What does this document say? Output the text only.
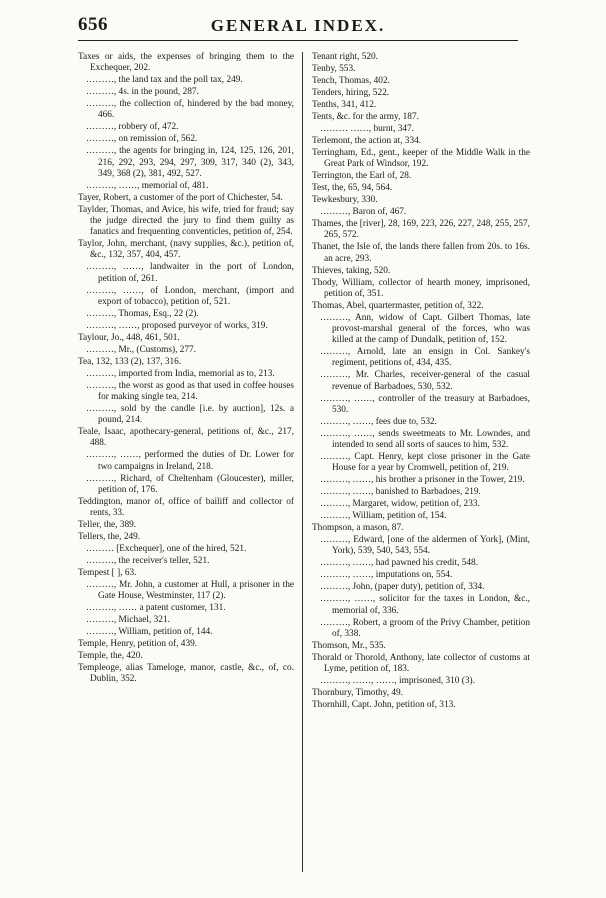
656	GENERAL INDEX.

Taxes or aids, the expenses of bringing them to the Exchequer, 202.

………, the land tax and the poll tax, 249.

………, 4s. in the pound, 287.

………, the collection of, hindered by the bad money, 466.

………, robbery of, 472.

………, on remission of, 562.

………, the agents for bringing in, 124, 125, 126, 201, 216, 292, 293, 294, 297, 309, 317, 340 (2), 343, 349, 368 (2), 381, 492, 527.

………, ……, memorial of, 481.

Tayer, Robert, a customer of the port of Chichester, 54.

Taylder, Thomas, and Avice, his wife, tried for fraud; say the judge directed the jury to find them guilty as fanatics and frequenting conventicles, petition of, 254.

Taylor, John, merchant, (navy supplies, &c.), petition of, &c., 132, 357, 404, 457.

………, ……, landwaiter in the port of London, petition of, 261.

………, ……, of London, merchant, (import and export of tobacco), petition of, 521.

………, Thomas, Esq., 22 (2).

………, ……, proposed purveyor of works, 319.

Taylour, Jo., 448, 461, 501.

………, Mr., (Customs), 277.

Tea, 132, 133 (2), 137, 316.

………, imported from India, memorial as to, 213.

………, the worst as good as that used in coffee houses for making single tea, 214.

………, sold by the candle [i.e. by auction], 12s. a pound, 214.

Teale, Isaac, apothecary-general, petitions of, &c., 217, 488.

………, ……, performed the duties of Dr. Lower for two campaigns in Ireland, 218.

………, Richard, of Cheltenham (Gloucester), miller, petition of, 176.

Teddington, manor of, office of bailiff and collector of rents, 33.

Teller, the, 389.

Tellers, the, 249.

……… [Exchequer], one of the hired, 521.

………, the receiver's teller, 521.

Tempest [ ], 63.

………, Mr. John, a customer at Hull, a prisoner in the Gate House, Westminster, 117 (2).

………, …… a patent customer, 131.

………, Michael, 321.

………, William, petition of, 144.

Temple, Henry, petition of, 439.

Temple, the, 420.

Templeoge, alias Tameloge, manor, castle, &c., of, co. Dublin, 352.

Tenant right, 520.

Tenby, 553.

Tench, Thomas, 402.

Tenders, hiring, 522.

Tenths, 341, 412.

Tents, &c. for the army, 187.

……… ……, burnt, 347.

Terlemont, the action at, 334.

Terringham, Ed., gent., keeper of the Middle Walk in the Great Park of Windsor, 192.

Terrington, the Earl of, 28.

Test, the, 65, 94, 564.

Tewkesbury, 330.

………, Baron of, 467.

Thames, the [river], 28, 169, 223, 226, 227, 248, 255, 257, 265, 572.

Thanet, the Isle of, the lands there fallen from 20s. to 16s. an acre, 293.

Thieves, taking, 520.

Thody, William, collector of hearth money, imprisoned, petition of, 351.

Thomas, Abel, quartermaster, petition of, 322.

………, Ann, widow of Capt. Gilbert Thomas, late provost-marshal general of the forces, who was killed at the camp of Dundalk, petition of, 152.

………, Arnold, late an ensign in Col. Sankey's regiment, petitions of, 434, 435.

………, Mr. Charles, receiver-general of the casual revenue of Barbadoes, 530, 532.

………, ……, controller of the treasury at Barbadoes, 530.

………, ……, fees due to, 532.

………, ……, sends sweetmeats to Mr. Lowndes, and intended to send all sorts of sauces to him, 532.

………, Capt. Henry, kept close prisoner in the Gate House for a year by Cromwell, petition of, 219.

………, ……, his brother a prisoner in the Tower, 219.

………, ……, banished to Barbadoes, 219.

………, Margaret, widow, petition of, 233.

………, William, petition of, 154.

Thompson, a mason, 87.

………, Edward, [one of the aldermen of York], (Mint, York), 539, 540, 543, 554.

………, ……, had pawned his credit, 548.

………, ……, imputations on, 554.

………, John, (paper duty), petition of, 334.

………, ……, solicitor for the taxes in London, &c., memorial of, 336.

………, Robert, a groom of the Privy Chamber, petition of, 338.

Thomson, Mr., 535.

Thorald or Thorold, Anthony, late collector of customs at Lyme, petition of, 183.

………, ……, ……, imprisoned, 310 (3).

Thornbury, Timothy, 49.

Thornhill, Capt. John, petition of, 313.
